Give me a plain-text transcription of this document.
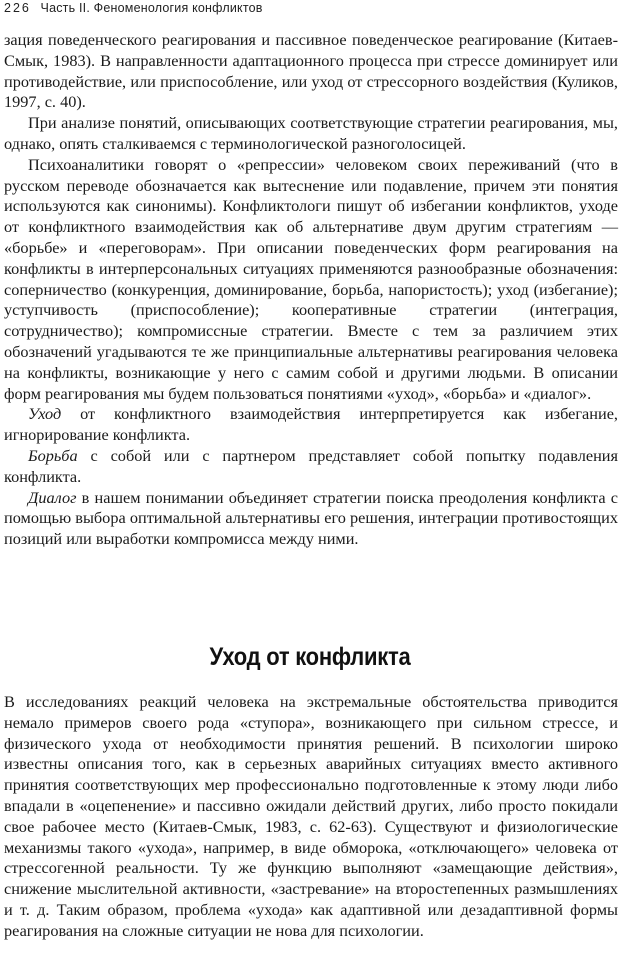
226 Часть II. Феноменология конфликтов

зация поведенческого реагирования и пассивное поведенческое реагирование (Китаев-Смык, 1983). В направленности адаптационного процесса при стрессе доминирует или противодействие, или приспособление, или уход от стрессорного воздействия (Куликов, 1997, с. 40).

При анализе понятий, описывающих соответствующие стратегии реагирования, мы, однако, опять сталкиваемся с терминологической разноголосицей.

Психоаналитики говорят о «репрессии» человеком своих переживаний (что в русском переводе обозначается как вытеснение или подавление, причем эти понятия используются как синонимы). Конфликтологи пишут об избегании конфликтов, уходе от конфликтного взаимодействия как об альтернативе двум другим стратегиям — «борьбе» и «переговорам». При описании поведенческих форм реагирования на конфликты в интерперсональных ситуациях применяются разнообразные обозначения: соперничество (конкуренция, доминирование, борьба, напористость); уход (избегание); уступчивость (приспособление); кооперативные стратегии (интеграция, сотрудничество); компромиссные стратегии. Вместе с тем за различием этих обозначений угадываются те же принципиальные альтернативы реагирования человека на конфликты, возникающие у него с самим собой и другими людьми. В описании форм реагирования мы будем пользоваться понятиями «уход», «борьба» и «диалог».

Уход от конфликтного взаимодействия интерпретируется как избегание, игнорирование конфликта.

Борьба с собой или с партнером представляет собой попытку подавления конфликта.

Диалог в нашем понимании объединяет стратегии поиска преодоления конфликта с помощью выбора оптимальной альтернативы его решения, интеграции противостоящих позиций или выработки компромисса между ними.

Уход от конфликта

В исследованиях реакций человека на экстремальные обстоятельства приводится немало примеров своего рода «ступора», возникающего при сильном стрессе, и физического ухода от необходимости принятия решений. В психологии широко известны описания того, как в серьезных аварийных ситуациях вместо активного принятия соответствующих мер профессионально подготовленные к этому люди либо впадали в «оцепенение» и пассивно ожидали действий других, либо просто покидали свое рабочее место (Китаев-Смык, 1983, с. 62-63). Существуют и физиологические механизмы такого «ухода», например, в виде обморока, «отключающего» человека от стрессогенной реальности. Ту же функцию выполняют «замещающие действия», снижение мыслительной активности, «застревание» на второстепенных размышлениях и т. д. Таким образом, проблема «ухода» как адаптивной или дезадаптивной формы реагирования на сложные ситуации не нова для психологии.
